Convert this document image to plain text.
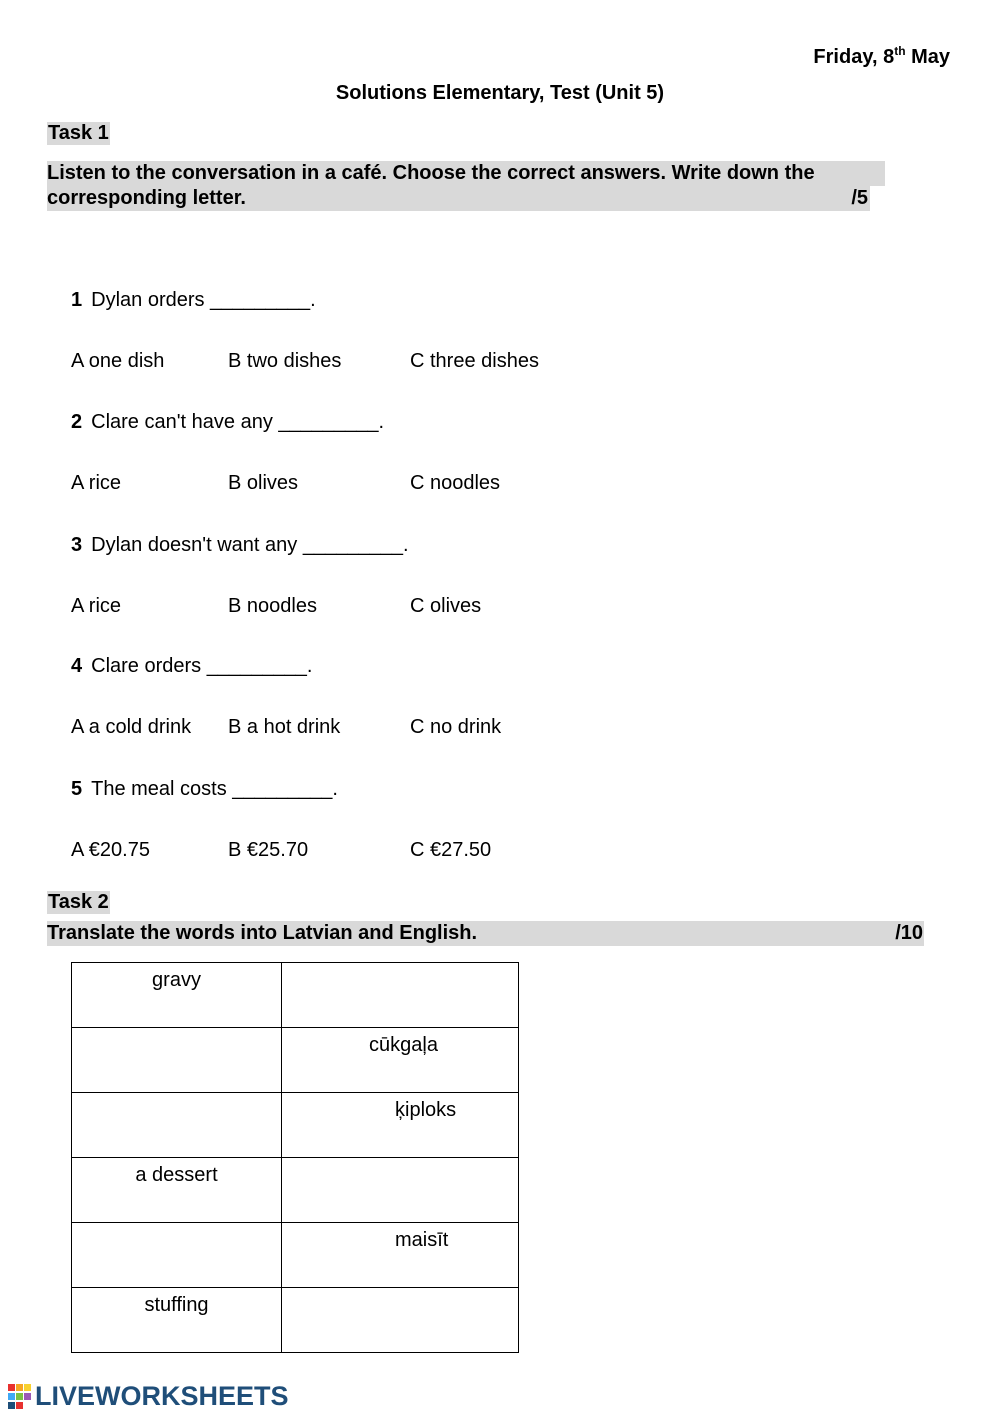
Friday, 8th May
Solutions Elementary, Test (Unit 5)
Task 1
Listen to the conversation in a café. Choose the correct answers. Write down the
corresponding letter.	/5
1 Dylan orders _________.
A one dish	B two dishes	C three dishes
2 Clare can't have any _________.
A rice	B olives	C noodles
3 Dylan doesn't want any _________.
A rice	B noodles	C olives
4 Clare orders _________.
A a cold drink B a hot drink	C no drink
5 The meal costs _________.
A €20.75	B €25.70	C €27.50
Task 2
Translate the words into Latvian and English.	/10
gravy	
	cūkgaļa
	ķiploks
a dessert	
	maisīt
stuffing	
LIVEWORKSHEETS
